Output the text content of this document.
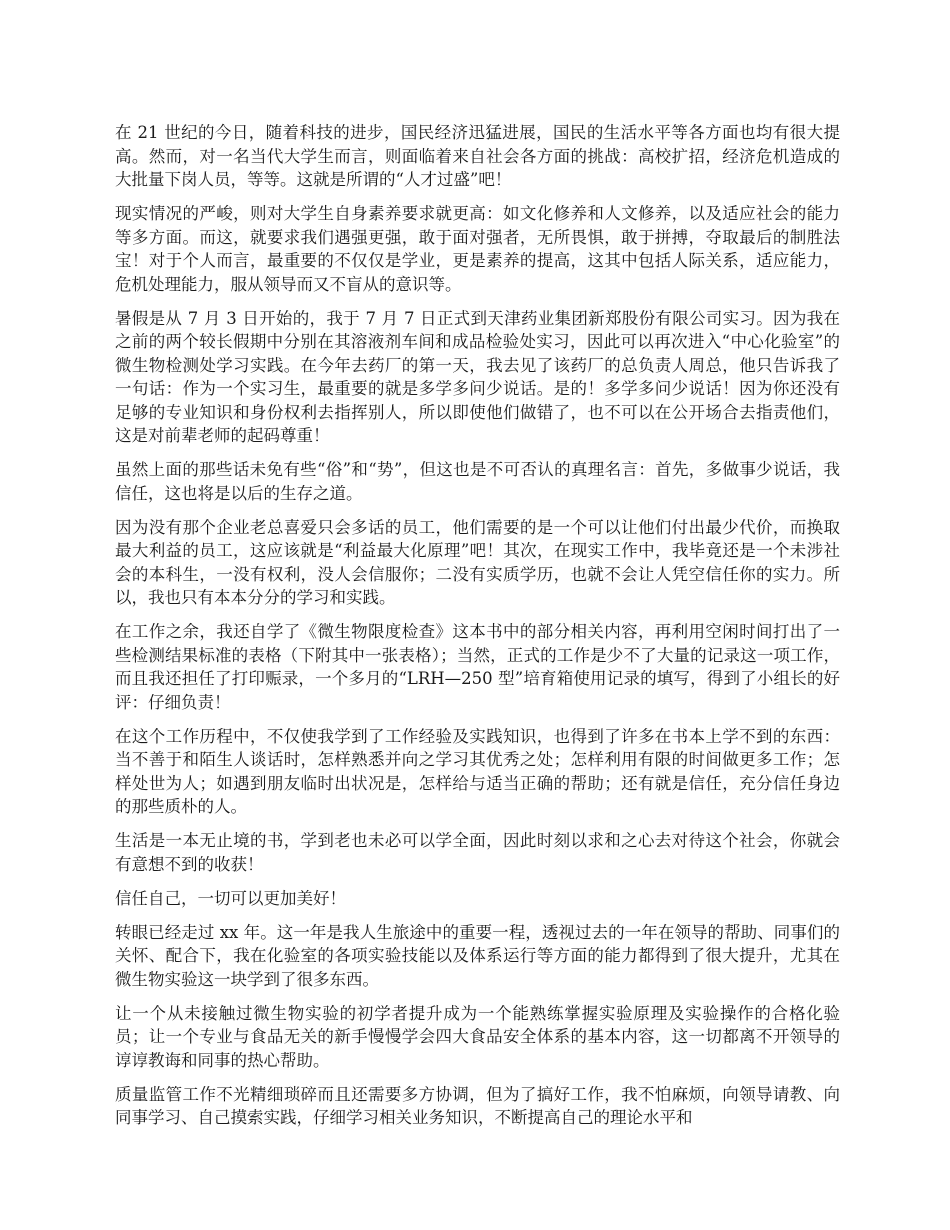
在 21 世纪的今日，随着科技的进步，国民经济迅猛进展，国民的生活水平等各方面也均有很大提高。然而，对一名当代大学生而言，则面临着来自社会各方面的挑战：高校扩招，经济危机造成的大批量下岗人员，等等。这就是所谓的“人才过盛”吧！

现实情况的严峻，则对大学生自身素养要求就更高：如文化修养和人文修养，以及适应社会的能力等多方面。而这，就要求我们遇强更强，敢于面对强者，无所畏惧，敢于拼搏，夺取最后的制胜法宝！对于个人而言，最重要的不仅仅是学业，更是素养的提高，这其中包括人际关系，适应能力，危机处理能力，服从领导而又不盲从的意识等。

暑假是从 7 月 3 日开始的，我于 7 月 7 日正式到天津药业集团新郑股份有限公司实习。因为我在之前的两个较长假期中分别在其溶液剂车间和成品检验处实习，因此可以再次进入“中心化验室”的微生物检测处学习实践。在今年去药厂的第一天，我去见了该药厂的总负责人周总，他只告诉我了一句话：作为一个实习生，最重要的就是多学多问少说话。是的！多学多问少说话！因为你还没有足够的专业知识和身份权利去指挥别人，所以即使他们做错了，也不可以在公开场合去指责他们，这是对前辈老师的起码尊重！

虽然上面的那些话未免有些“俗”和“势”，但这也是不可否认的真理名言：首先，多做事少说话，我信任，这也将是以后的生存之道。

因为没有那个企业老总喜爱只会多话的员工，他们需要的是一个可以让他们付出最少代价，而换取最大利益的员工，这应该就是“利益最大化原理”吧！其次，在现实工作中，我毕竟还是一个未涉社会的本科生，一没有权利，没人会信服你；二没有实质学历，也就不会让人凭空信任你的实力。所以，我也只有本本分分的学习和实践。

在工作之余，我还自学了《微生物限度检查》这本书中的部分相关内容，再利用空闲时间打出了一些检测结果标准的表格（下附其中一张表格）；当然，正式的工作是少不了大量的记录这一项工作，而且我还担任了打印赈录，一个多月的“LRH—250 型”培育箱使用记录的填写，得到了小组长的好评：仔细负责！

在这个工作历程中，不仅使我学到了工作经验及实践知识，也得到了许多在书本上学不到的东西：当不善于和陌生人谈话时，怎样熟悉并向之学习其优秀之处；怎样利用有限的时间做更多工作；怎样处世为人；如遇到朋友临时出状况是，怎样给与适当正确的帮助；还有就是信任，充分信任身边的那些质朴的人。

生活是一本无止境的书，学到老也未必可以学全面，因此时刻以求和之心去对待这个社会，你就会有意想不到的收获！

信任自己，一切可以更加美好！

转眼已经走过 xx 年。这一年是我人生旅途中的重要一程，透视过去的一年在领导的帮助、同事们的关怀、配合下，我在化验室的各项实验技能以及体系运行等方面的能力都得到了很大提升，尤其在微生物实验这一块学到了很多东西。

让一个从未接触过微生物实验的初学者提升成为一个能熟练掌握实验原理及实验操作的合格化验员；让一个专业与食品无关的新手慢慢学会四大食品安全体系的基本内容，这一切都离不开领导的谆谆教诲和同事的热心帮助。

质量监管工作不光精细琐碎而且还需要多方协调，但为了搞好工作，我不怕麻烦，向领导请教、向同事学习、自己摸索实践，仔细学习相关业务知识，不断提高自己的理论水平和
